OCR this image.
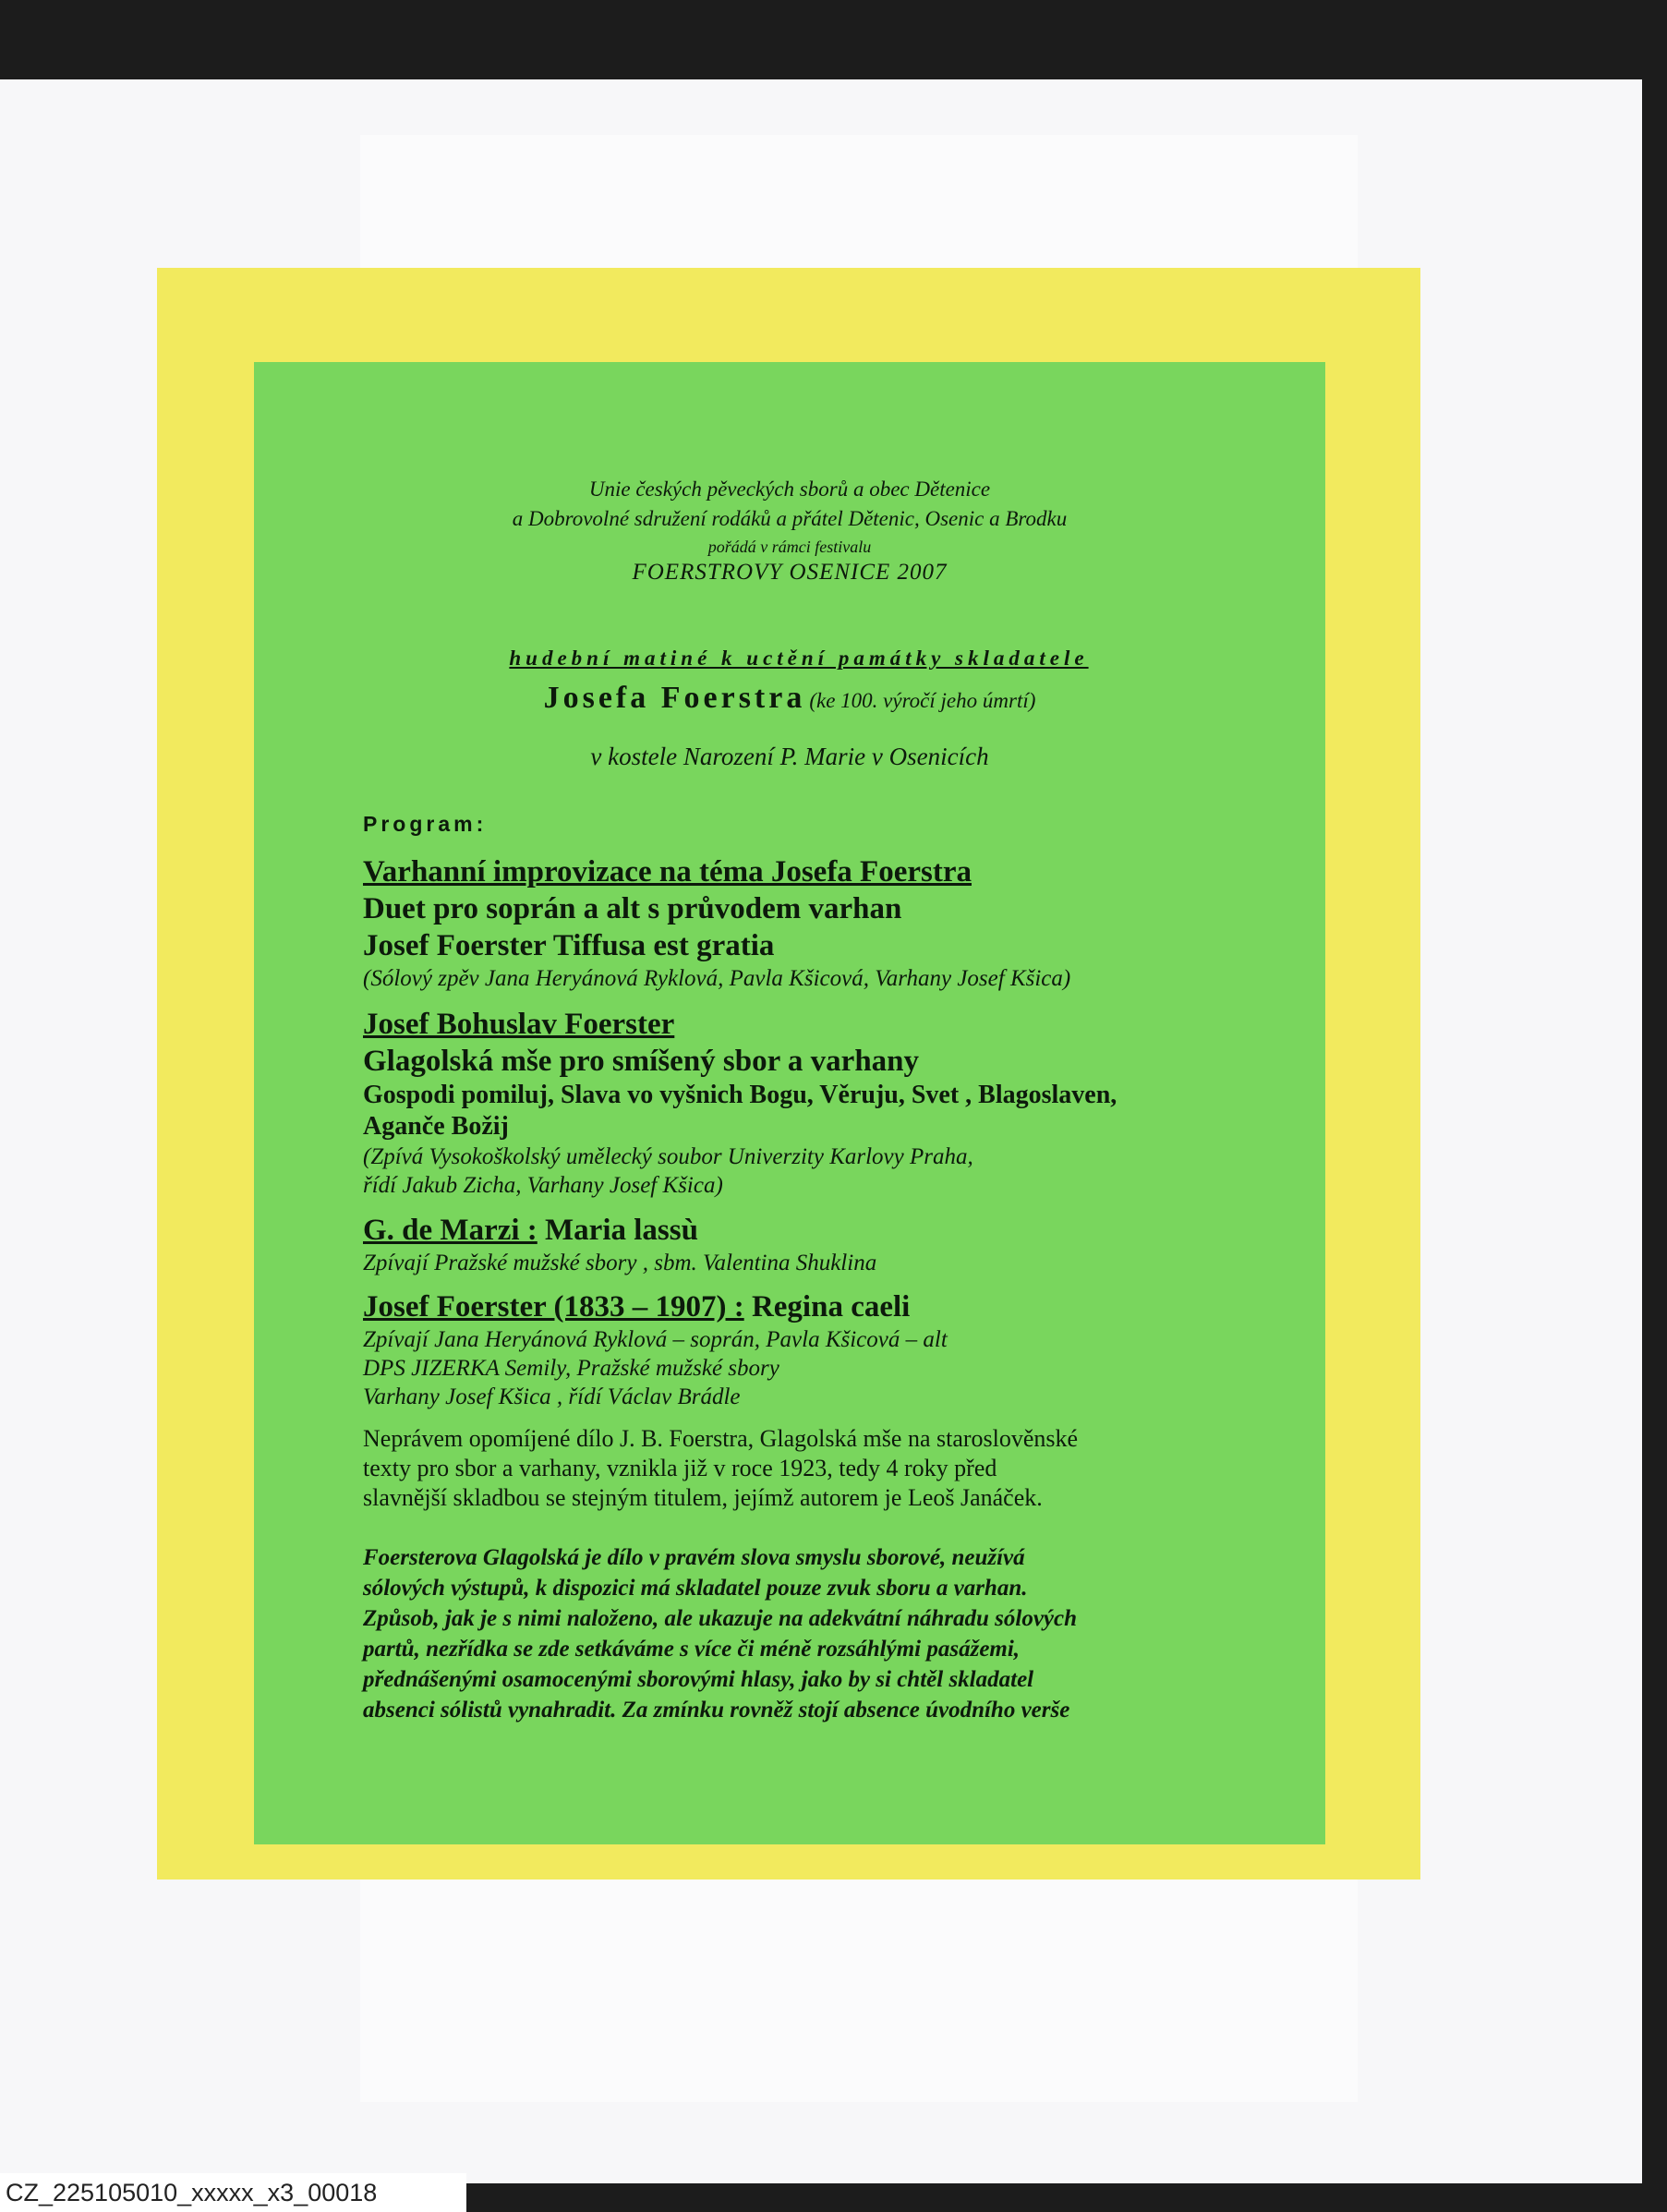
Unie českých pěveckých sborů a obec Dětenice
a Dobrovolné sdružení rodáků a přátel Dětenic, Osenic a Brodku
pořádá v rámci festivalu
FOERSTROVY OSENICE 2007
hudební matiné k uctění památky skladatele
Josefa Foerstra (ke 100. výročí jeho úmrtí)
v kostele Narození P. Marie v Osenicích
Program:
Varhanní improvizace na téma Josefa Foerstra
Duet pro soprán a alt s průvodem varhan
Josef Foerster Tiffusa est gratia
(Sólový zpěv Jana Heryánová Ryklová, Pavla Kšicová, Varhany Josef Kšica)
Josef Bohuslav Foerster
Glagolská mše pro smíšený sbor a varhany
Gospodi pomiluj, Slava vo vyšnich Bogu, Věruju, Svet , Blagoslaven,
Agančе Božij
(Zpívá Vysokoškolský umělecký soubor Univerzity Karlovy Praha,
řídí Jakub Zicha, Varhany Josef Kšica)
G. de Marzi : Maria lassù
Zpívají Pražské mužské sbory , sbm. Valentina Shuklina
Josef Foerster (1833 – 1907) : Regina caeli
Zpívají Jana Heryánová Ryklová – soprán, Pavla Kšicová – alt
DPS JIZERKA Semily, Pražské mužské sbory
Varhany Josef Kšica , řídí Václav Brádle
Neprávem opomíjené dílo J. B. Foerstra, Glagolská mše na staroslověnské
texty pro sbor a varhany, vznikla již v roce 1923, tedy 4 roky před
slavnější skladbou se stejným titulem, jejímž autorem je Leoš Janáček.
Foersterova Glagolská je dílo v pravém slova smyslu sborové, neužívá
sólových výstupů, k dispozici má skladatel pouze zvuk sboru a varhan.
Způsob, jak je s nimi naloženo, ale ukazuje na adekvátní náhradu sólových
partů, nezřídka se zde setkáváme s více či méně rozsáhlými pasážemi,
přednášenými osamocenými sborovými hlasy, jako by si chtěl skladatel
absenci sólistů vynahradit. Za zmínku rovněž stojí absence úvodního verše
CZ_225105010_xxxxx_x3_00018
